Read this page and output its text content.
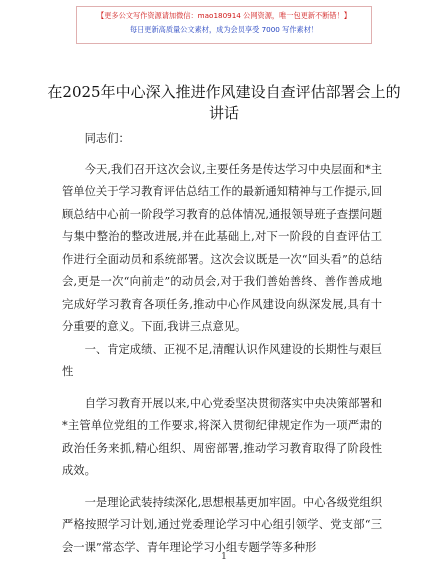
【更多公文写作资源请加微信：mao180914 公网资源，唯一包更新不断错！】
每日更新高质量公文素材，成为会员享受 7000 写作素材！
在2025年中心深入推进作风建设自查评估部署会上的讲话

同志们：

今天,我们召开这次会议,主要任务是传达学习中央层面和*主管单位关于学习教育评估总结工作的最新通知精神与工作提示,回顾总结中心前一阶段学习教育的总体情况,通报领导班子查摆问题与集中整治的整改进展,并在此基础上,对下一阶段的自查评估工作进行全面动员和系统部署。这次会议既是一次“回头看”的总结会,更是一次“向前走”的动员会,对于我们善始善终、善作善成地完成好学习教育各项任务,推动中心作风建设向纵深发展,具有十分重要的意义。下面,我讲三点意见。

一、肯定成绩、正视不足,清醒认识作风建设的长期性与艰巨性

自学习教育开展以来,中心党委坚决贯彻落实中央决策部署和*主管单位党组的工作要求,将深入贯彻纪律规定作为一项严肃的政治任务来抓,精心组织、周密部署,推动学习教育取得了阶段性成效。

一是理论武装持续深化,思想根基更加牢固。中心各级党组织严格按照学习计划,通过党委理论学习中心组引领学、党支部“三会一课”常态学、青年理论学习小组专题学等多种形

1
